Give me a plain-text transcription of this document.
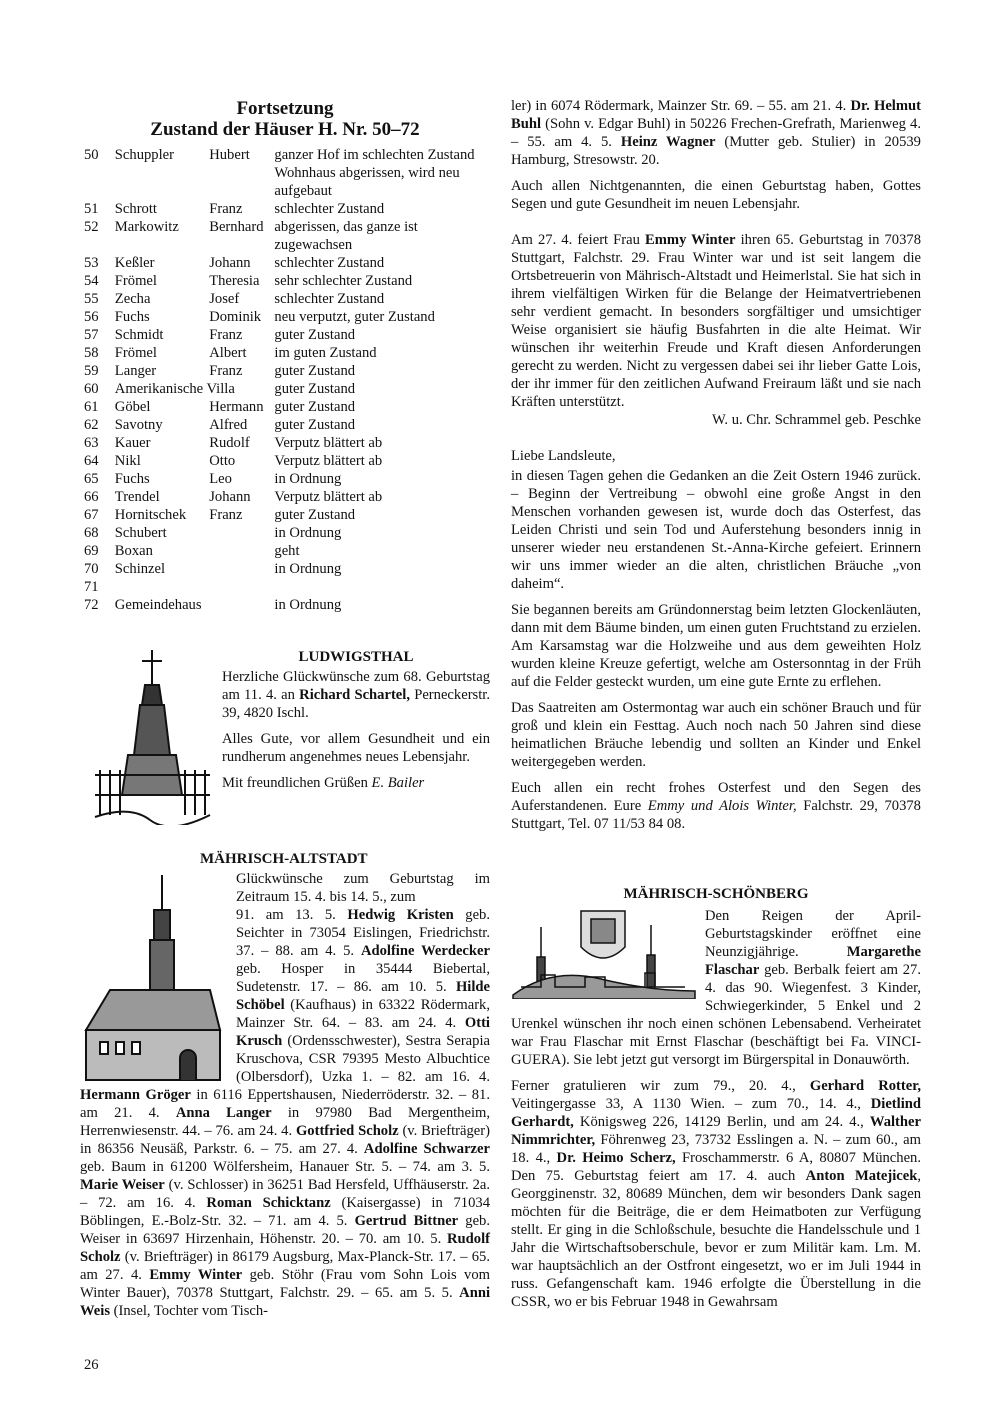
Fortsetzung
Zustand der Häuser H. Nr. 50–72
50	Schuppler	Hubert	ganzer Hof im schlechten Zustand Wohnhaus abgerissen, wird neu aufgebaut
51	Schrott	Franz	schlechter Zustand
52	Markowitz	Bernhard	abgerissen, das ganze ist zugewachsen
53	Keßler	Johann	schlechter Zustand
54	Frömel	Theresia	sehr schlechter Zustand
55	Zecha	Josef	schlechter Zustand
56	Fuchs	Dominik	neu verputzt, guter Zustand
57	Schmidt	Franz	guter Zustand
58	Frömel	Albert	im guten Zustand
59	Langer	Franz	guter Zustand
60	Amerikanische Villa		guter Zustand
61	Göbel	Hermann	guter Zustand
62	Savotny	Alfred	guter Zustand
63	Kauer	Rudolf	Verputz blättert ab
64	Nikl	Otto	Verputz blättert ab
65	Fuchs	Leo	in Ordnung
66	Trendel	Johann	Verputz blättert ab
67	Hornitschek	Franz	guter Zustand
68	Schubert		in Ordnung
69	Boxan		geht
70	Schinzel		in Ordnung
71			
72	Gemeindehaus		in Ordnung
LUDWIGSTHAL

Herzliche Glückwünsche zum 68. Geburtstag am 11. 4. an Richard Schartel, Perneckerstr. 39, 4820 Ischl.

Alles Gute, vor allem Gesundheit und ein rundherum angenehmes neues Lebensjahr.

Mit freundlichen Grüßen E. Bailer

MÄHRISCH-ALTSTADT
Glückwünsche zum Geburtstag im Zeitraum 15. 4. bis 14. 5., zum
91. am 13. 5. Hedwig Kristen geb. Seichter in 73054 Eislingen, Friedrichstr. 37. – 88. am 4. 5. Adolfine Werdecker geb. Hosper in 35444 Biebertal, Sudetenstr. 17. – 86. am 10. 5. Hilde Schöbel (Kaufhaus) in 63322 Rödermark, Mainzer Str. 64. – 83. am 24. 4. Otti Krusch (Ordensschwester), Sestra Serapia Kruschova, CSR 79395 Mesto Albuchtice (Olbersdorf), Uzka 1. – 82. am 16. 4. Hermann Gröger in 6116 Eppertshausen, Niederröderstr. 32. – 81. am 21. 4. Anna Langer in 97980 Bad Mergentheim, Herrenwiesenstr. 44. – 76. am 24. 4. Gottfried Scholz (v. Briefträger) in 86356 Neusäß, Parkstr. 6. – 75. am 27. 4. Adolfine Schwarzer geb. Baum in 61200 Wölfersheim, Hanauer Str. 5. – 74. am 3. 5. Marie Weiser (v. Schlosser) in 36251 Bad Hersfeld, Uffhäuserstr. 2a. – 72. am 16. 4. Roman Schicktanz (Kaisergasse) in 71034 Böblingen, E.-Bolz-Str. 32. – 71. am 4. 5. Gertrud Bittner geb. Weiser in 63697 Hirzenhain, Höhenstr. 20. – 70. am 10. 5. Rudolf Scholz (v. Briefträger) in 86179 Augsburg, Max-Planck-Str. 17. – 65. am 27. 4. Emmy Winter geb. Stöhr (Frau vom Sohn Lois vom Winter Bauer), 70378 Stuttgart, Falchstr. 29. – 65. am 5. 5. Anni Weis (Insel, Tochter vom Tisch-

ler) in 6074 Rödermark, Mainzer Str. 69. – 55. am 21. 4. Dr. Helmut Buhl (Sohn v. Edgar Buhl) in 50226 Frechen-Grefrath, Marienweg 4. – 55. am 4. 5. Heinz Wagner (Mutter geb. Stulier) in 20539 Hamburg, Stresowstr. 20.

Auch allen Nichtgenannten, die einen Geburtstag haben, Gottes Segen und gute Gesundheit im neuen Lebensjahr.

Am 27. 4. feiert Frau Emmy Winter ihren 65. Geburtstag in 70378 Stuttgart, Falchstr. 29. Frau Winter war und ist seit langem die Ortsbetreuerin von Mährisch-Altstadt und Heimerlstal. Sie hat sich in ihrem vielfältigen Wirken für die Belange der Heimatvertriebenen sehr verdient gemacht. In besonders sorgfältiger und umsichtiger Weise organisiert sie häufig Busfahrten in die alte Heimat. Wir wünschen ihr weiterhin Freude und Kraft diesen Anforderungen gerecht zu werden. Nicht zu vergessen dabei sei ihr lieber Gatte Lois, der ihr immer für den zeitlichen Aufwand Freiraum läßt und sie nach Kräften unterstützt.

W. u. Chr. Schrammel geb. Peschke

Liebe Landsleute,

in diesen Tagen gehen die Gedanken an die Zeit Ostern 1946 zurück. – Beginn der Vertreibung – obwohl eine große Angst in den Menschen vorhanden gewesen ist, wurde doch das Osterfest, das Leiden Christi und sein Tod und Auferstehung besonders innig in unserer wieder neu erstandenen St.-Anna-Kirche gefeiert. Erinnern wir uns immer wieder an die alten, christlichen Bräuche „von daheim“.

Sie begannen bereits am Gründonnerstag beim letzten Glockenläuten, dann mit dem Bäume binden, um einen guten Fruchtstand zu erzielen. Am Karsamstag war die Holzweihe und aus dem geweihten Holz wurden kleine Kreuze gefertigt, welche am Ostersonntag in der Früh auf die Felder gesteckt wurden, um eine gute Ernte zu erflehen.

Das Saatreiten am Ostermontag war auch ein schöner Brauch und für groß und klein ein Festtag. Auch noch nach 50 Jahren sind diese heimatlichen Bräuche lebendig und sollten an Kinder und Enkel weitergegeben werden.

Euch allen ein recht frohes Osterfest und den Segen des Auferstandenen. Eure Emmy und Alois Winter, Falchstr. 29, 70378 Stuttgart, Tel. 07 11/53 84 08.

MÄHRISCH-SCHÖNBERG

Den Reigen der April-Geburtstagskinder eröffnet eine Neunzigjährige. Margarethe Flaschar geb. Berbalk feiert am 27. 4. das 90. Wiegenfest. 3 Kinder, Schwiegerkinder, 5 Enkel und 2 Urenkel wünschen ihr noch einen schönen Lebensabend. Verheiratet war Frau Flaschar mit Ernst Flaschar (beschäftigt bei Fa. VINCI-GUERA). Sie lebt jetzt gut versorgt im Bürgerspital in Donauwörth.

Ferner gratulieren wir zum 79., 20. 4., Gerhard Rotter, Veitingergasse 33, A 1130 Wien. – zum 70., 14. 4., Dietlind Gerhardt, Königsweg 226, 14129 Berlin, und am 24. 4., Walther Nimmrichter, Föhrenweg 23, 73732 Esslingen a. N. – zum 60., am 18. 4., Dr. Heimo Scherz, Froschammerstr. 6 A, 80807 München. Den 75. Geburtstag feiert am 17. 4. auch Anton Matejicek, Georgginenstr. 32, 80689 München, dem wir besonders Dank sagen möchten für die Beiträge, die er dem Heimatboten zur Verfügung stellt. Er ging in die Schloßschule, besuchte die Handelsschule und 1 Jahr die Wirtschaftsoberschule, bevor er zum Militär kam. Lm. M. war hauptsächlich an der Ostfront eingesetzt, wo er im Juli 1944 in russ. Gefangenschaft kam. 1946 erfolgte die Überstellung in die CSSR, wo er bis Februar 1948 in Gewahrsam

26
